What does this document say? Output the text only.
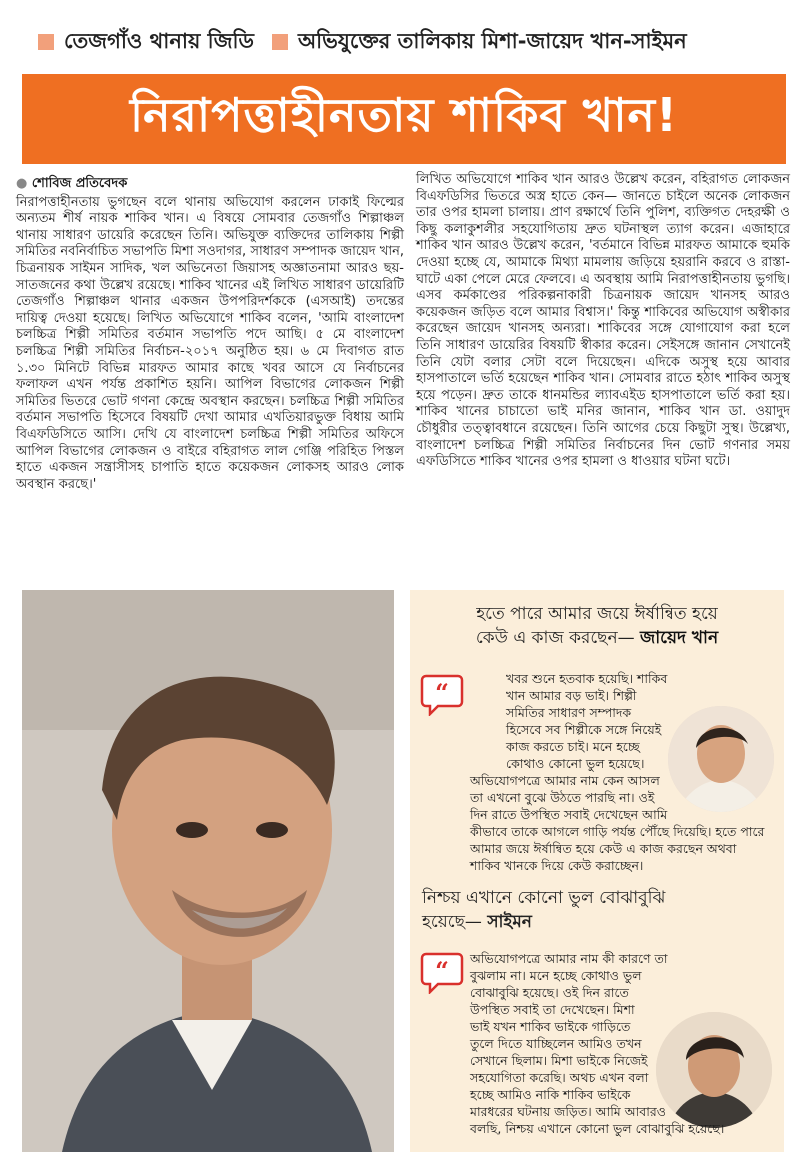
তেজগাঁও থানায় জিডি অভিযুক্তের তালিকায় মিশা-জায়েদ খান-সাইমন
নিরাপত্তাহীনতায় শাকিব খান!
● শোবিজ প্রতিবেদক
নিরাপত্তাহীনতায় ভুগছেন বলে থানায় অভিযোগ করলেন ঢাকাই ফিল্মের অন্যতম শীর্ষ নায়ক শাকিব খান। এ বিষয়ে সোমবার তেজগাঁও শিল্পাঞ্চল থানায় সাধারণ ডায়েরি করেছেন তিনি। অভিযুক্ত ব্যক্তিদের তালিকায় শিল্পী সমিতির নবনির্বাচিত সভাপতি মিশা সওদাগর, সাধারণ সম্পাদক জায়েদ খান, চিত্রনায়ক সাইমন সাদিক, খল অভিনেতা জিয়াসহ অজ্ঞাতনামা আরও ছয়-সাতজনের কথা উল্লেখ রয়েছে। শাকিব খানের এই লিখিত সাধারণ ডায়েরিটি তেজগাঁও শিল্পাঞ্চল থানার একজন উপপরিদর্শককে (এসআই) তদন্তের দায়িত্ব দেওয়া হয়েছে। লিখিত অভিযোগে শাকিব বলেন, 'আমি বাংলাদেশ চলচ্চিত্র শিল্পী সমিতির বর্তমান সভাপতি পদে আছি। ৫ মে বাংলাদেশ চলচ্চিত্র শিল্পী সমিতির নির্বাচন-২০১৭ অনুষ্ঠিত হয়। ৬ মে দিবাগত রাত ১.৩০ মিনিটে বিভিন্ন মারফত আমার কাছে খবর আসে যে নির্বাচনের ফলাফল এখন পর্যন্ত প্রকাশিত হয়নি। আপিল বিভাগের লোকজন শিল্পী সমিতির ভিতরে ভোট গণনা কেন্দ্রে অবস্থান করছেন। চলচ্চিত্র শিল্পী সমিতির বর্তমান সভাপতি হিসেবে বিষয়টি দেখা আমার এখতিয়ারভুক্ত বিধায় আমি বিএফডিসিতে আসি। দেখি যে বাংলাদেশ চলচ্চিত্র শিল্পী সমিতির অফিসে আপিল বিভাগের লোকজন ও বাইরে বহিরাগত লাল গেঞ্জি পরিহিত পিস্তল হাতে একজন সন্ত্রাসীসহ চাপাতি হাতে কয়েকজন লোকসহ আরও লোক অবস্থান করছে।'
লিখিত অভিযোগে শাকিব খান আরও উল্লেখ করেন, বহিরাগত লোকজন বিএফডিসির ভিতরে অস্ত্র হাতে কেন— জানতে চাইলে অনেক লোকজন তার ওপর হামলা চালায়। প্রাণ রক্ষার্থে তিনি পুলিশ, ব্যক্তিগত দেহরক্ষী ও কিছু কলাকুশলীর সহযোগিতায় দ্রুত ঘটনাস্থল ত্যাগ করেন। এজাহারে শাকিব খান আরও উল্লেখ করেন, 'বর্তমানে বিভিন্ন মারফত আমাকে হুমকি দেওয়া হচ্ছে যে, আমাকে মিথ্যা মামলায় জড়িয়ে হয়রানি করবে ও রাস্তা-ঘাটে একা পেলে মেরে ফেলবে। এ অবস্থায় আমি নিরাপত্তাহীনতায় ভুগছি। এসব কর্মকাণ্ডের পরিকল্পনাকারী চিত্রনায়ক জায়েদ খানসহ আরও কয়েকজন জড়িত বলে আমার বিশ্বাস।' কিন্তু শাকিবের অভিযোগ অস্বীকার করেছেন জায়েদ খানসহ অন্যরা। শাকিবের সঙ্গে যোগাযোগ করা হলে তিনি সাধারণ ডায়েরির বিষয়টি স্বীকার করেন। সেইসঙ্গে জানান সেখানেই তিনি যেটা বলার সেটা বলে দিয়েছেন। এদিকে অসুস্থ হয়ে আবার হাসপাতালে ভর্তি হয়েছেন শাকিব খান। সোমবার রাতে হঠাৎ শাকিব অসুস্থ হয়ে পড়েন। দ্রুত তাকে ধানমন্ডির ল্যাবএইড হাসপাতালে ভর্তি করা হয়। শাকিব খানের চাচাতো ভাই মনির জানান, শাকিব খান ডা. ওয়াদুদ চৌধুরীর তত্ত্বাবধানে রয়েছেন। তিনি আগের চেয়ে কিছুটা সুস্থ। উল্লেখ্য, বাংলাদেশ চলচ্চিত্র শিল্পী সমিতির নির্বাচনের দিন ভোট গণনার সময় এফডিসিতে শাকিব খানের ওপর হামলা ও ধাওয়ার ঘটনা ঘটে।
হতে পারে আমার জয়ে ঈর্ষান্বিত হয়ে
কেউ এ কাজ করছেন— জায়েদ খান
“	খবর শুনে হতবাক হয়েছি। শাকিব খান আমার বড় ভাই। শিল্পী সমিতির সাধারণ সম্পাদক হিসেবে সব শিল্পীকে সঙ্গে নিয়েই কাজ করতে চাই। মনে হচ্ছে কোথাও কোনো ভুল হয়েছে। অভিযোগপত্রে আমার নাম কেন আসল তা এখনো বুঝে উঠতে পারছি না। ওই দিন রাতে উপস্থিত সবাই দেখেছেন আমি কীভাবে তাকে আগলে গাড়ি পর্যন্ত পৌঁছে দিয়েছি। হতে পারে আমার জয়ে ঈর্ষান্বিত হয়ে কেউ এ কাজ করছেন অথবা শাকিব খানকে দিয়ে কেউ করাচ্ছেন।
নিশ্চয় এখানে কোনো ভুল বোঝাবুঝি
হয়েছে— সাইমন
“ অভিযোগপত্রে আমার নাম কী কারণে তা বুঝলাম না। মনে হচ্ছে কোথাও ভুল বোঝাবুঝি হয়েছে। ওই দিন রাতে উপস্থিত সবাই তা দেখেছেন। মিশা ভাই যখন শাকিব ভাইকে গাড়িতে তুলে দিতে যাচ্ছিলেন আমিও তখন সেখানে ছিলাম। মিশা ভাইকে নিজেই সহযোগিতা করেছি। অথচ এখন বলা হচ্ছে আমিও নাকি শাকিব ভাইকে মারধরের ঘটনায় জড়িত। আমি আবারও বলছি, নিশ্চয় এখানে কোনো ভুল বোঝাবুঝি হয়েছে।
